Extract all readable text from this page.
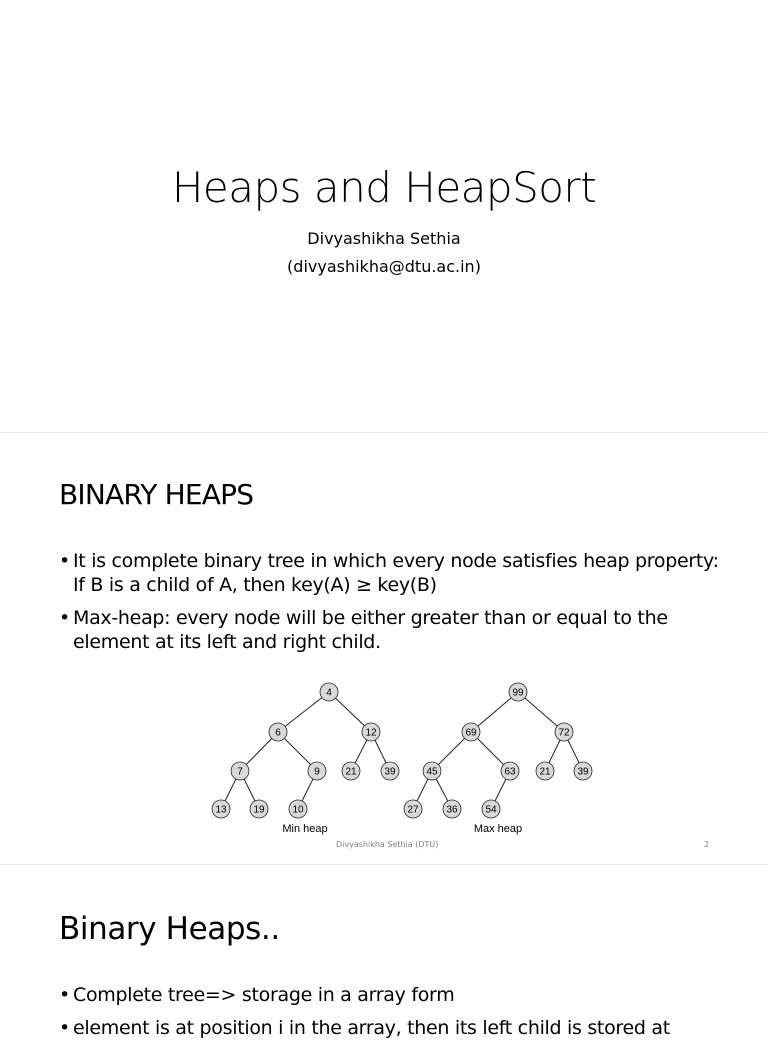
Heaps and HeapSort
Divyashikha Sethia
(divyashikha@dtu.ac.in)
BINARY HEAPS
• It is complete binary tree in which every node satisfies heap property:
If B is a child of A, then key(A) ≥ key(B)
• Max-heap: every node will be either greater than or equal to the
element at its left and right child.
4
6	12
7	9	21	39
13	19	10
99
69	72
45	63 21	39
27	36	54
Min heap	Max heap
Divyashikha Sethia (DTU)	2
Binary Heaps..
• Complete tree=> storage in a array form
• element is at position i in the array, then its left child is stored at
